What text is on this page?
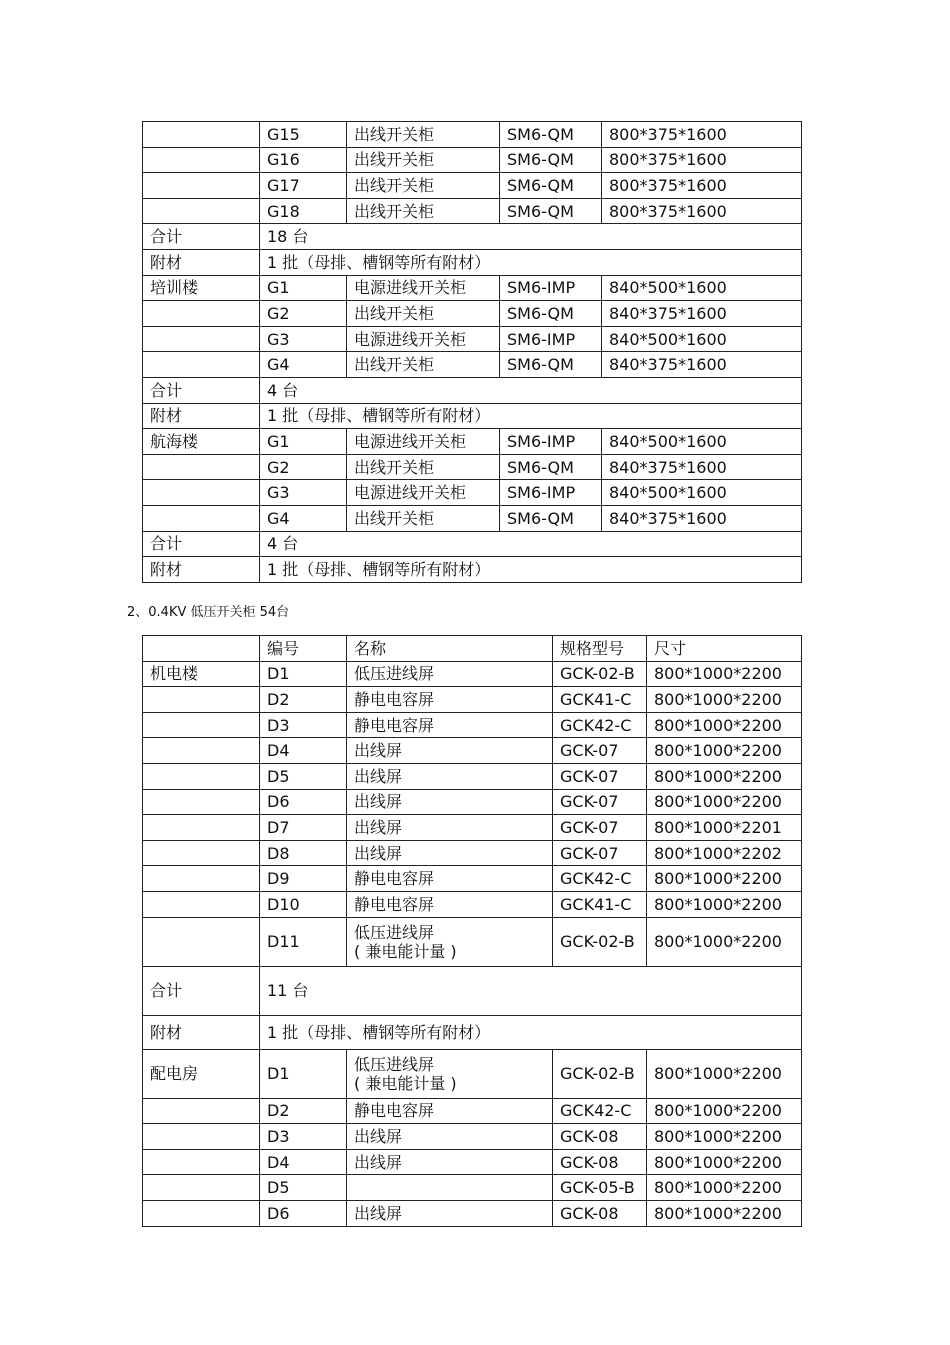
	G15	出线开关柜	SM6-QM	800*375*1600
	G16	出线开关柜	SM6-QM	800*375*1600
	G17	出线开关柜	SM6-QM	800*375*1600
	G18	出线开关柜	SM6-QM	800*375*1600
合计	18 台			
附材	1 批（母排、槽钢等所有附材）			
培训楼	G1	电源进线开关柜	SM6-IMP	840*500*1600
	G2	出线开关柜	SM6-QM	840*375*1600
	G3	电源进线开关柜	SM6-IMP	840*500*1600
	G4	出线开关柜	SM6-QM	840*375*1600
合计	4 台			
附材	1 批（母排、槽钢等所有附材）			
航海楼	G1	电源进线开关柜	SM6-IMP	840*500*1600
	G2	出线开关柜	SM6-QM	840*375*1600
	G3	电源进线开关柜	SM6-IMP	840*500*1600
	G4	出线开关柜	SM6-QM	840*375*1600
合计	4 台			
附材	1 批（母排、槽钢等所有附材）			
2、0.4KV 低压开关柜 54台
	编号	名称	规格型号	尺寸
机电楼	D1	低压进线屏	GCK-02-B	800*1000*2200
	D2	静电电容屏	GCK41-C	800*1000*2200
	D3	静电电容屏	GCK42-C	800*1000*2200
	D4	出线屏	GCK-07	800*1000*2200
	D5	出线屏	GCK-07	800*1000*2200
	D6	出线屏	GCK-07	800*1000*2200
	D7	出线屏	GCK-07	800*1000*2201
	D8	出线屏	GCK-07	800*1000*2202
	D9	静电电容屏	GCK42-C	800*1000*2200
	D10	静电电容屏	GCK41-C	800*1000*2200
	D11	低压进线屏
( 兼电能计量 )	GCK-02-B	800*1000*2200
合计	11 台			
附材	1 批（母排、槽钢等所有附材）			
配电房	D1	低压进线屏
( 兼电能计量 )	GCK-02-B	800*1000*2200
	D2	静电电容屏	GCK42-C	800*1000*2200
	D3	出线屏	GCK-08	800*1000*2200
	D4	出线屏	GCK-08	800*1000*2200
	D5		GCK-05-B	800*1000*2200
	D6	出线屏	GCK-08	800*1000*2200
